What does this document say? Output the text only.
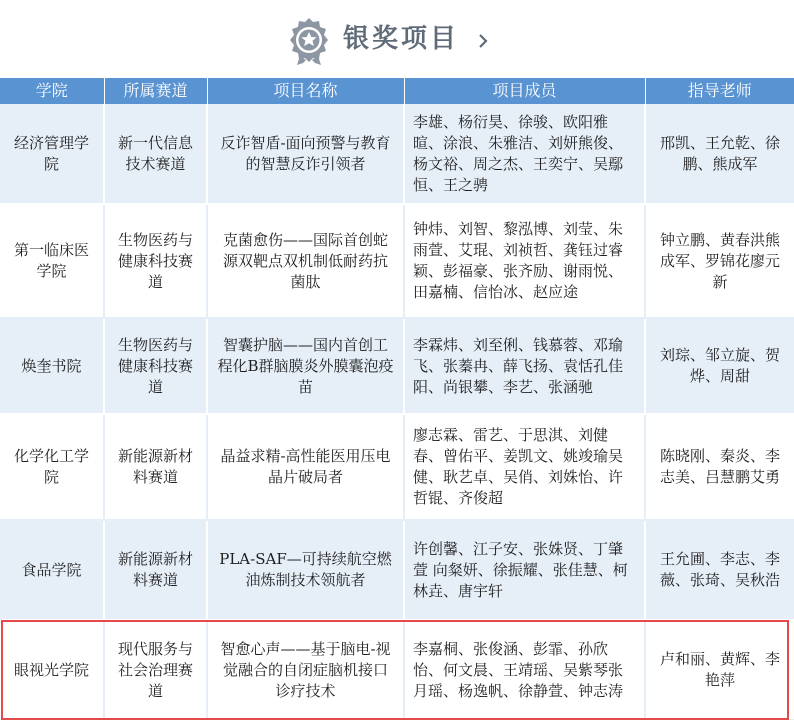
银奖项目
学院	所属赛道	项目名称	项目成员	指导老师
经济管理学院	新一代信息技术赛道	反诈智盾-面向预警与教育的智慧反诈引领者	李雄、杨衍昊、徐骏、欧阳雅暄、涂浪、朱雅洁、刘妍熊俊、杨文裕、周之杰、王奕宁、吴鄢恒、王之骋	邢凯、王允乾、徐鹏、熊成军
第一临床医学院	生物医药与健康科技赛道	克菌愈伤——国际首创蛇源双靶点双机制低耐药抗菌肽	钟炜、刘智、黎泓博、刘莹、朱雨萱、艾琨、刘祯哲、龚钰过睿颖、彭福豪、张齐励、谢雨悦、田嘉楠、信怡冰、赵应途	钟立鹏、黄春洪熊成军、罗锦花廖元新
焕奎书院	生物医药与健康科技赛道	智囊护脑——国内首创工程化B群脑膜炎外膜囊泡疫苗	李霖炜、刘至俐、钱慕蓉、邓瑜飞、张蓁冉、薛飞扬、袁恬孔佳阳、尚银攀、李艺、张涵驰	刘琮、邹立旋、贺烨、周甜
化学化工学院	新能源新材料赛道	晶益求精-高性能医用压电晶片破局者	廖志霖、雷艺、于思淇、刘健春、曾佑平、姜凯文、姚竣瑜吴健、耿艺卓、吴俏、刘姝怡、许哲锟、齐俊超	陈晓刚、秦炎、李志美、吕慧鹏艾勇
食品学院	新能源新材料赛道	PLA-SAF—可持续航空燃油炼制技术领航者	许创馨、江子安、张姝贤、丁肇萱 向粲妍、徐振耀、张佳慧、柯林垚、唐宇轩	王允圃、李志、李薇、张琦、吴秋浩
眼视光学院	现代服务与社会治理赛道	智愈心声——基于脑电-视觉融合的自闭症脑机接口诊疗技术	李嘉桐、张俊涵、彭霏、孙欣怡、何文晨、王靖瑶、吴紫琴张月瑶、杨逸帆、徐静萱、钟志涛	卢和丽、黄辉、李艳萍
